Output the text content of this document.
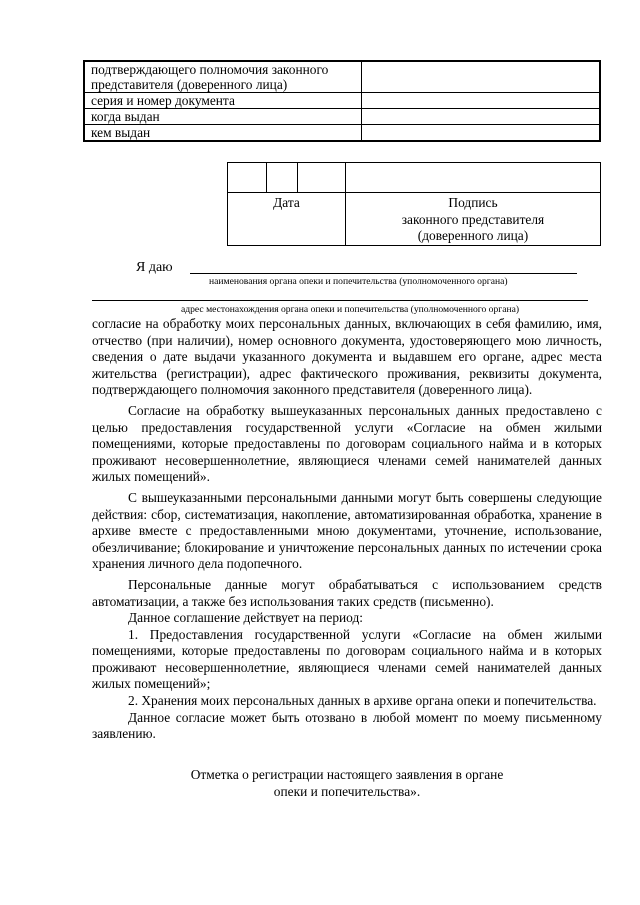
подтверждающего полномочия законного представителя (доверенного лица)	
серия и номер документа	
когда выдан	
кем выдан	

Дата			Подпись
законного представителя
(доверенного лица)
Я даю
наименования органа опеки и попечительства (уполномоченного органа)
адрес местонахождения органа опеки и попечительства (уполномоченного органа)

согласие на обработку моих персональных данных, включающих в себя фамилию, имя, отчество (при наличии), номер основного документа, удостоверяющего мою личность, сведения о дате выдачи указанного документа и выдавшем его органе, адрес места жительства (регистрации), адрес фактического проживания, реквизиты документа, подтверждающего полномочия законного представителя (доверенного лица).

Согласие на обработку вышеуказанных персональных данных предоставлено с целью предоставления государственной услуги «Согласие на обмен жилыми помещениями, которые предоставлены по договорам социального найма и в которых проживают несовершеннолетние, являющиеся членами семей нанимателей данных жилых помещений».

С вышеуказанными персональными данными могут быть совершены следующие действия: сбор, систематизация, накопление, автоматизированная обработка, хранение в архиве вместе с предоставленными мною документами, уточнение, использование, обезличивание; блокирование и уничтожение персональных данных по истечении срока хранения личного дела подопечного.

Персональные данные могут обрабатываться с использованием средств автоматизации, а также без использования таких средств (письменно).

Данное соглашение действует на период:

1. Предоставления государственной услуги «Согласие на обмен жилыми помещениями, которые предоставлены по договорам социального найма и в которых проживают несовершеннолетние, являющиеся членами семей нанимателей данных жилых помещений»;

2. Хранения моих персональных данных в архиве органа опеки и попечительства.

Данное согласие может быть отозвано в любой момент по моему письменному заявлению.

Отметка о регистрации настоящего заявления в органе
опеки и попечительства».
